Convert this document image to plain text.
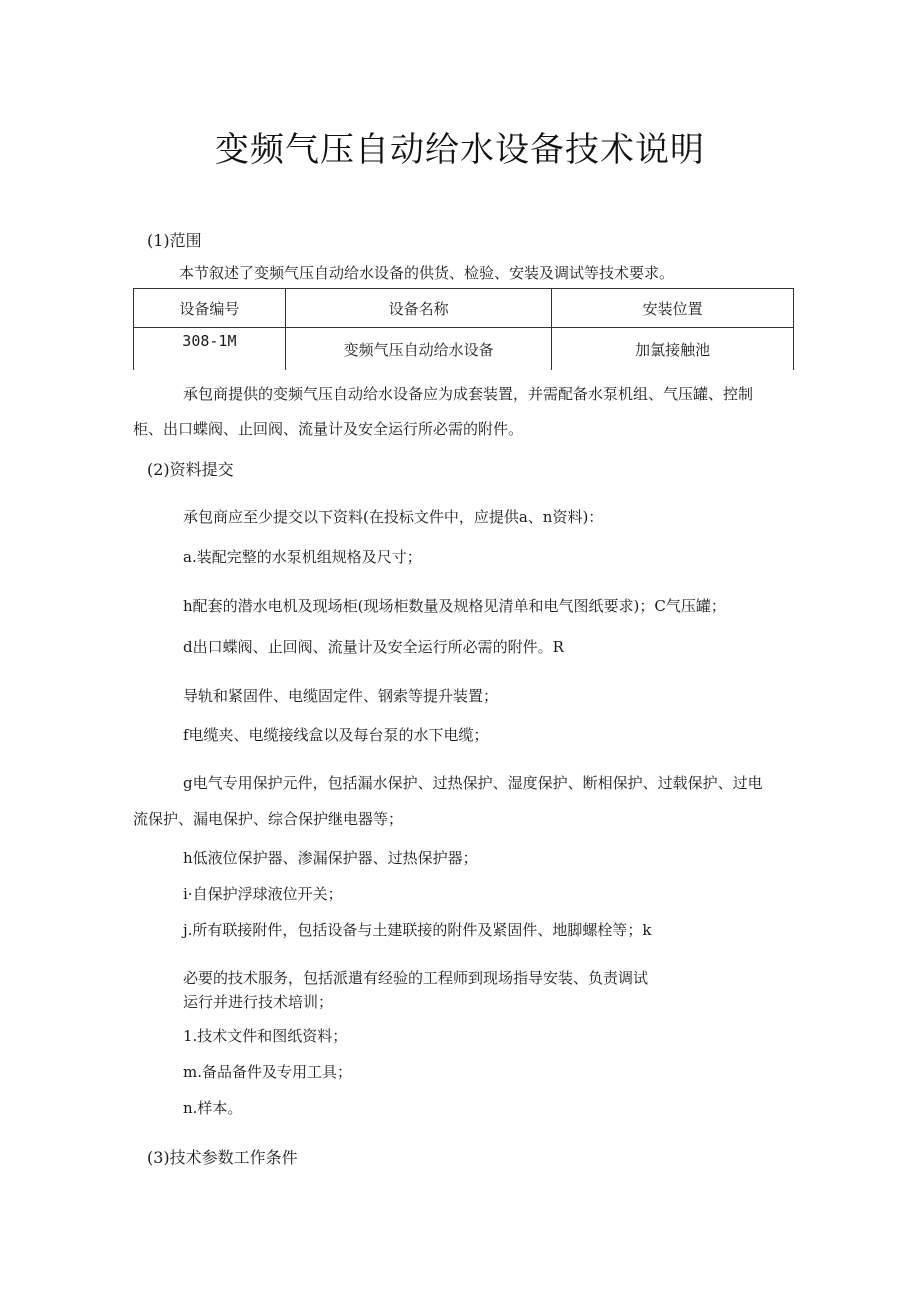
变频气压自动给水设备技术说明
(1)范围
本节叙述了变频气压自动给水设备的供货、检验、安装及调试等技术要求。
设备编号	设备名称	安装位置
308-1M	变频气压自动给水设备	加氯接触池
承包商提供的变频气压自动给水设备应为成套装置，并需配备水泵机组、气压罐、控制
柜、出口蝶阀、止回阀、流量计及安全运行所必需的附件。
(2)资料提交
承包商应至少提交以下资料(在投标文件中，应提供a、n资料)：
a.装配完整的水泵机组规格及尺寸；
h配套的潜水电机及现场柜(现场柜数量及规格见清单和电气图纸要求)；C气压罐；
d出口蝶阀、止回阀、流量计及安全运行所必需的附件。R
导轨和紧固件、电缆固定件、钢索等提升装置；
f电缆夹、电缆接线盒以及每台泵的水下电缆；
g电气专用保护元件，包括漏水保护、过热保护、湿度保护、断相保护、过载保护、过电
流保护、漏电保护、综合保护继电器等；
h低液位保护器、渗漏保护器、过热保护器；
i·自保护浮球液位开关；
j.所有联接附件，包括设备与土建联接的附件及紧固件、地脚螺栓等；k
必要的技术服务，包括派遣有经验的工程师到现场指导安装、负责调试
运行并进行技术培训；
1.技术文件和图纸资料；
m.备品备件及专用工具；
n.样本。
(3)技术参数工作条件
